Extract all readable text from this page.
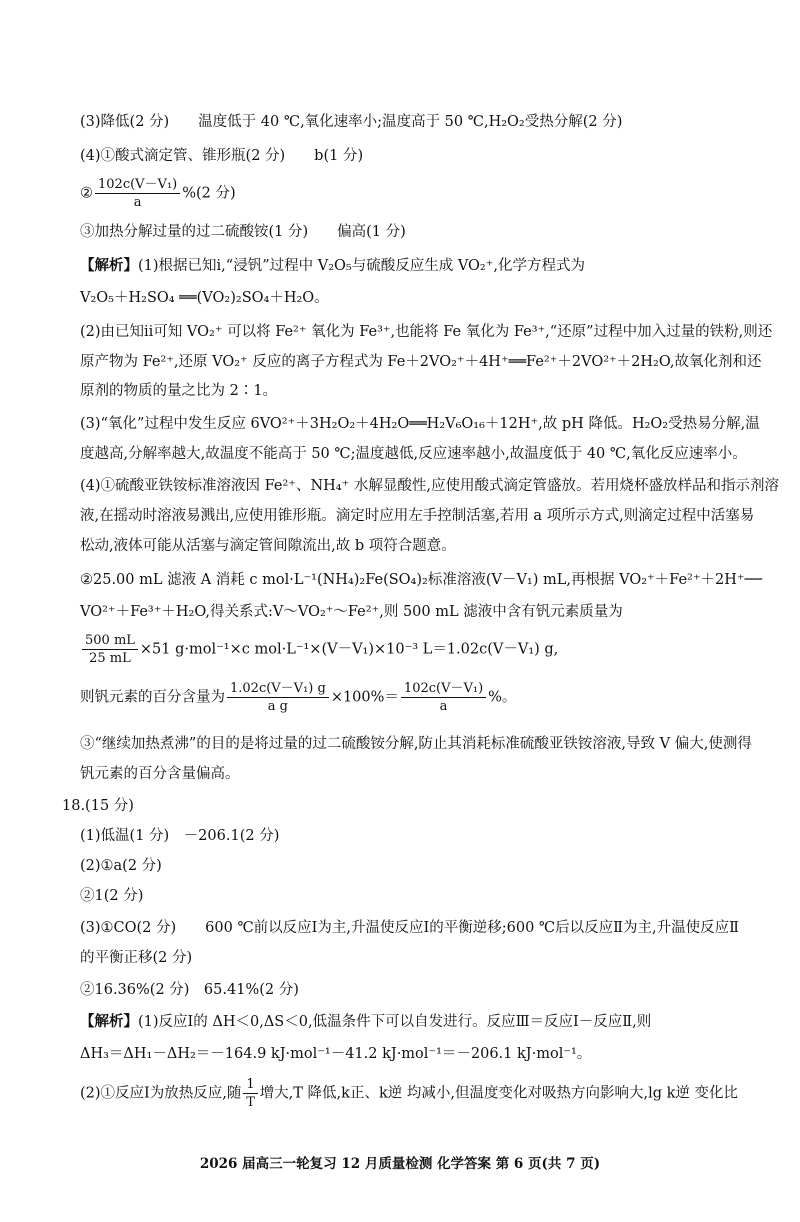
(3)降低(2 分)　　温度低于 40 ℃,氧化速率小;温度高于 50 ℃,H₂O₂受热分解(2 分)
(4)①酸式滴定管、锥形瓶(2 分)　　b(1 分)
② $\frac{\text{102c(V－V₁)}}{a} \%(2$ 分)
③加热分解过量的过二硫酸铵(1 分)　　偏高(1 分)
【解析】(1)根据已知ⅰ,“浸钒”过程中 V₂O₅与硫酸反应生成 VO₂⁺,化学方程式为
V₂O₅＋H₂SO₄ ══(VO₂)₂SO₄＋H₂O。
(2)由已知ⅱ可知 VO₂⁺ 可以将 Fe²⁺ 氧化为 Fe³⁺,也能将 Fe 氧化为 Fe³⁺,“还原”过程中加入过量的铁粉,则还
原产物为 Fe²⁺,还原 VO₂⁺ 反应的离子方程式为 Fe＋2VO₂⁺＋4H⁺══Fe²⁺＋2VO²⁺＋2H₂O,故氧化剂和还
原剂的物质的量之比为 2∶1。
(3)“氧化”过程中发生反应 6VO²⁺＋3H₂O₂＋4H₂O══H₂V₆O₁₆＋12H⁺,故 pH 降低。H₂O₂受热易分解,温
度越高,分解率越大,故温度不能高于 50 ℃;温度越低,反应速率越小,故温度低于 40 ℃,氧化反应速率小。
(4)①硫酸亚铁铵标准溶液因 Fe²⁺、NH₄⁺ 水解显酸性,应使用酸式滴定管盛放。若用烧杯盛放样品和指示剂溶
液,在摇动时溶液易溅出,应使用锥形瓶。滴定时应用左手控制活塞,若用 a 项所示方式,则滴定过程中活塞易
松动,液体可能从活塞与滴定管间隙流出,故 b 项符合题意。
②25.00 mL 滤液 A 消耗 c mol·L⁻¹(NH₄)₂Fe(SO₄)₂标准溶液(V－V₁) mL,再根据 VO₂⁺＋Fe²⁺＋2H⁺──
VO²⁺＋Fe³⁺＋H₂O,得关系式:V～VO₂⁺～Fe²⁺,则 500 mL 滤液中含有钒元素质量为
$\frac{500 mL}{25 mL} \times 51$ g·mol⁻¹×c mol·L⁻¹×(V－V₁)×10⁻³ L＝1.02c(V－V₁) g,
则钒元素的百分含量为 $\frac{\text{1.02c(V－V₁) g}}{\text{a g}} \times 100\%= \frac{\text{102c(V－V₁)}}{a}$ %。
③“继续加热煮沸”的目的是将过量的过二硫酸铵分解,防止其消耗标准硫酸亚铁铵溶液,导致 V 偏大,使测得
钒元素的百分含量偏高。
18.(15 分)
(1)低温(1 分)　－206.1(2 分)
(2)①a(2 分)
②1(2 分)
(3)①CO(2 分)　　600 ℃前以反应Ⅰ为主,升温使反应Ⅰ的平衡逆移;600 ℃后以反应Ⅱ为主,升温使反应Ⅱ
的平衡正移(2 分)
②16.36%(2 分)　65.41%(2 分)
【解析】(1)反应Ⅰ的 ΔH＜0,ΔS＜0,低温条件下可以自发进行。反应Ⅲ＝反应Ⅰ－反应Ⅱ,则
ΔH₃＝ΔH₁－ΔH₂＝－164.9 kJ·mol⁻¹－41.2 kJ·mol⁻¹＝－206.1 kJ·mol⁻¹。
(2)①反应Ⅰ为放热反应,随 $\frac{1}{T}$ 增大,T 降低,k正、k逆 均减小,但温度变化对吸热方向影响大,lg k逆 变化比
2026 届高三一轮复习 12 月质量检测 化学答案 第 6 页(共 7 页)
